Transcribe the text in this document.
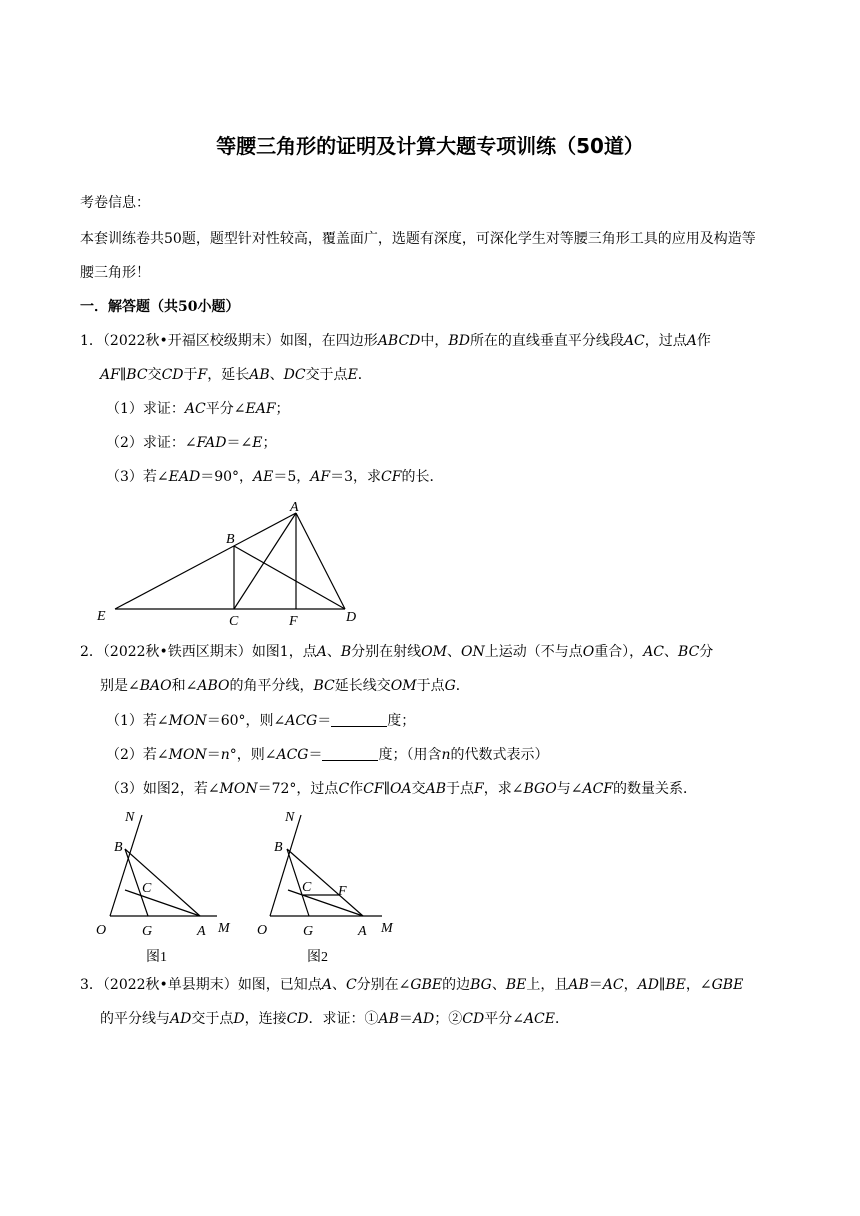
等腰三角形的证明及计算大题专项训练（50道）
考卷信息：
本套训练卷共50题，题型针对性较高，覆盖面广，选题有深度，可深化学生对等腰三角形工具的应用及构造等
腰三角形！
一．解答题（共50小题）
1．（2022秋•开福区校级期末）如图，在四边形ABCD中，BD所在的直线垂直平分线段AC，过点A作
AF∥BC交CD于F，延长AB、DC交于点E．
（1）求证：AC平分∠EAF；
（2）求证：∠FAD＝∠E；
（3）若∠EAD＝90°，AE＝5，AF＝3，求CF的长．
A
B
C	F	D
E
2．（2022秋•铁西区期末）如图1，点A、B分别在射线OM、ON上运动（不与点O重合），AC、BC分
别是∠BAO和∠ABO的角平分线，BC延长线交OM于点G．
（1）若∠MON＝60°，则∠ACG＝	度；
（2）若∠MON＝n°，则∠ACG＝	度；（用含n的代数式表示）
（3）如图2，若∠MON＝72°，过点C作CF∥OA交AB于点F，求∠BGO与∠ACF的数量关系．
N
B
C
O	G	A M
图1
N
B
C F
O	G	A M
图2
3．（2022秋•单县期末）如图，已知点A、C分别在∠GBE的边BG、BE上，且AB＝AC，AD∥BE，∠GBE
的平分线与AD交于点D，连接CD．求证：①AB＝AD；②CD平分∠ACE．
